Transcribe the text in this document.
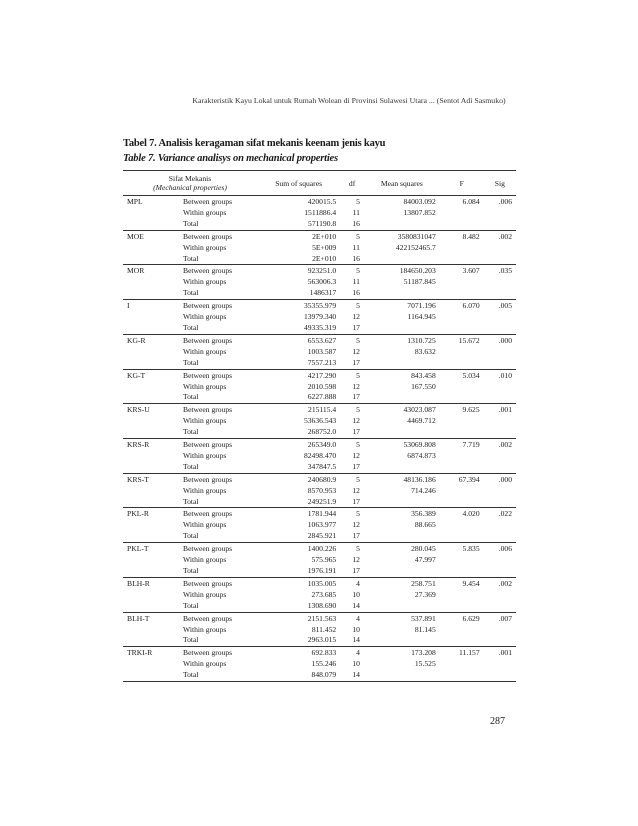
Karakteristik Kayu Lokal untuk Rumah Wolean di Provinsi Sulawesi Utara ... (Sentot Adi Sasmuko)
Tabel 7. Analisis keragaman sifat mekanis keenam jenis kayu
Table 7. Variance analisys on mechanical properties
Sifat Mekanis
(Mechanical properties)		Sum of squares	df	Mean squares	F	Sig
MPL	Between groups	420015.5	5	84003.092	6.084	.006
	Within groups	1511886.4	11	13807.852		
	Total	571190.8	16			
MOE	Between groups	2E+010	5	3580831047	8.482	.002
	Within groups	5E+009	11	422152465.7		
	Total	2E+010	16			
MOR	Between groups	923251.0	5	184650.203	3.607	.035
	Within groups	563006.3	11	51187.845		
	Total	1486317	16			
I	Between groups	35355.979	5	7071.196	6.070	.005
	Within groups	13979.340	12	1164.945		
	Total	49335.319	17			
KG-R	Between groups	6553.627	5	1310.725	15.672	.000
	Within groups	1003.587	12	83.632		
	Total	7557.213	17			
KG-T	Between groups	4217.290	5	843.458	5.034	.010
	Within groups	2010.598	12	167.550		
	Total	6227.888	17			
KRS-U	Between groups	215115.4	5	43023.087	9.625	.001
	Within groups	53636.543	12	4469.712		
	Total	268752.0	17			
KRS-R	Between groups	265349.0	5	53069.808	7.719	.002
	Within groups	82498.470	12	6874.873		
	Total	347847.5	17			
KRS-T	Between groups	240680.9	5	48136.186	67.394	.000
	Within groups	8570.953	12	714.246		
	Total	249251.9	17			
PKL-R	Between groups	1781.944	5	356.389	4.020	.022
	Within groups	1063.977	12	88.665		
	Total	2845.921	17			
PKL-T	Between groups	1400.226	5	280.045	5.835	.006
	Within groups	575.965	12	47.997		
	Total	1976.191	17			
BLH-R	Between groups	1035.005	4	258.751	9.454	.002
	Within groups	273.685	10	27.369		
	Total	1308.690	14			
BLH-T	Between groups	2151.563	4	537.891	6.629	.007
	Within groups	811.452	10	81.145		
	Total	2963.015	14			
TRKI-R	Between groups	692.833	4	173.208	11.157	.001
	Within groups	155.246	10	15.525		
	Total	848.079	14			
287
